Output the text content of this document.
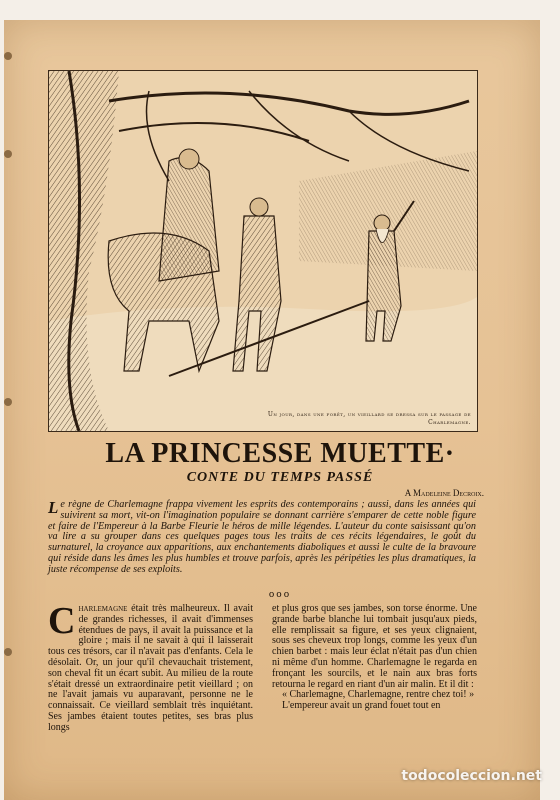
Un jour, dans une forêt, un vieillard se dressa sur le passage de Charlemagne.
LA PRINCESSE MUETTE·
CONTE DU TEMPS PASSÉ
A Madeleine Decroix.

Le règne de Charlemagne frappa vivement les esprits des contemporains ; aussi, dans les années qui suivirent sa mort, vit-on l'imagination populaire se donnant carrière s'emparer de cette noble figure et faire de l'Empereur à la Barbe Fleurie le héros de mille légendes. L'auteur du conte saisissant qu'on va lire a su grouper dans ces quelques pages tous les traits de ces récits légendaires, le goût du surnaturel, la croyance aux apparitions, aux enchantements diaboliques et aussi le culte de la bravoure qui réside dans les âmes les plus humbles et trouve parfois, après les péripéties les plus dramatiques, la juste récompense de ses exploits.

ooo

Charlemagne était très malheureux. Il avait de grandes richesses, il avait d'immenses étendues de pays, il avait la puissance et la gloire ; mais il ne savait à qui il laisserait tous ces trésors, car il n'avait pas d'enfants. Cela le désolait. Or, un jour qu'il chevauchait tristement, son cheval fit un écart subit. Au milieu de la route s'était dressé un extraordinaire petit vieillard ; on ne l'avait jamais vu auparavant, personne ne le connaissait. Ce vieillard semblait très inquiétant. Ses jambes étaient toutes petites, ses bras plus longs

et plus gros que ses jambes, son torse énorme. Une grande barbe blanche lui tombait jusqu'aux pieds, elle remplissait sa figure, et ses yeux clignaient, sous ses cheveux trop longs, comme les yeux d'un chien barbet : mais leur éclat n'était pas d'un chien ni même d'un homme. Charlemagne le regarda en fronçant les sourcils, et le nain aux bras forts retourna le regard en riant d'un air malin. Et il dit :

« Charlemagne, Charlemagne, rentre chez toi! »

L'empereur avait un grand fouet tout en

todocoleccion.net
